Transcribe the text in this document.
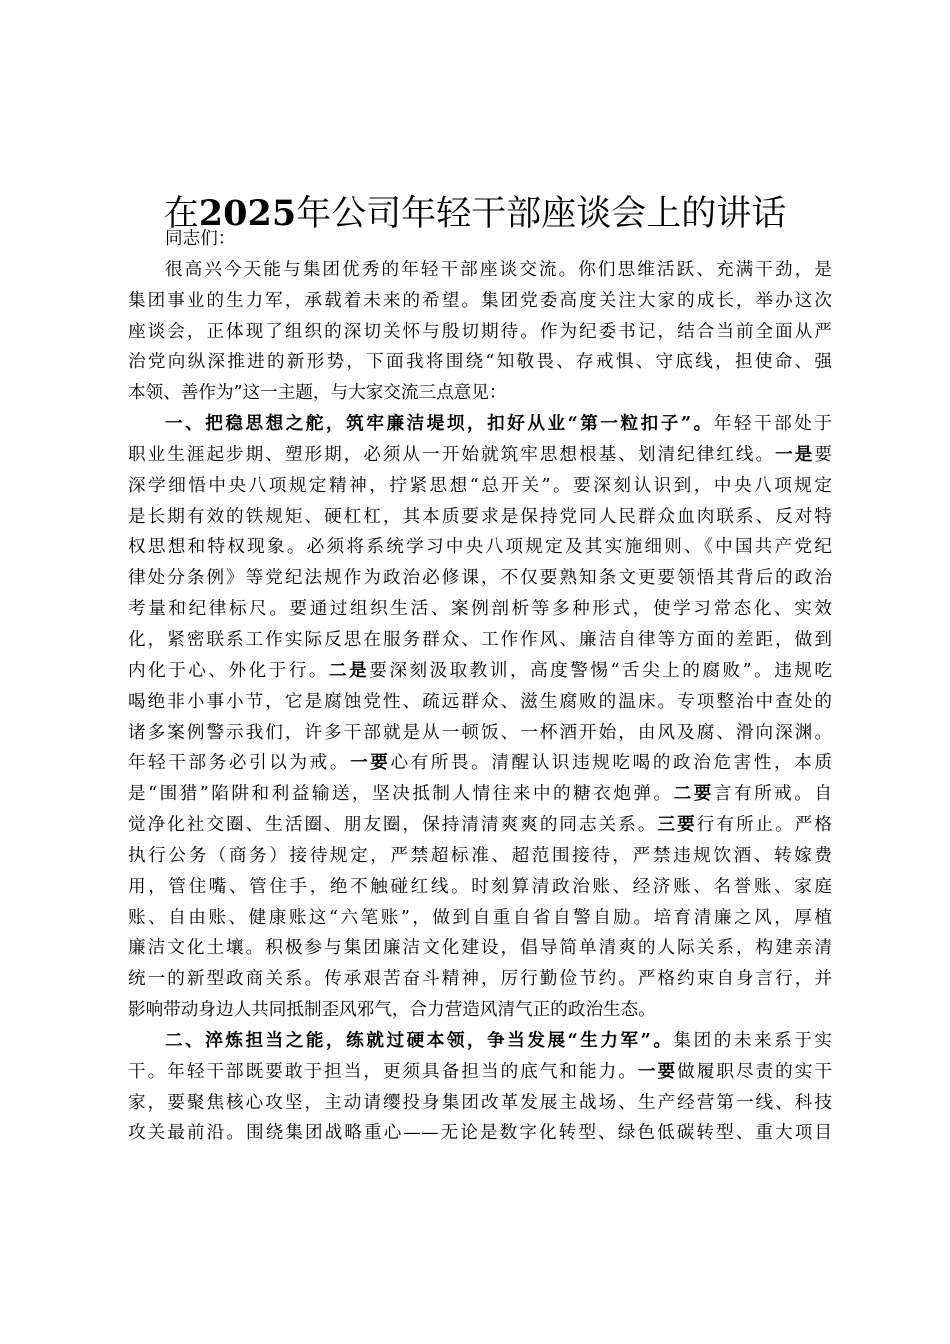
在2025年公司年轻干部座谈会上的讲话
同志们：
很高兴今天能与集团优秀的年轻干部座谈交流。你们思维活跃、充满干劲，是
集团事业的生力军，承载着未来的希望。集团党委高度关注大家的成长，举办这次
座谈会，正体现了组织的深切关怀与殷切期待。作为纪委书记，结合当前全面从严
治党向纵深推进的新形势，下面我将围绕“知敬畏、存戒惧、守底线，担使命、强
本领、善作为”这一主题，与大家交流三点意见：
一、把稳思想之舵，筑牢廉洁堤坝，扣好从业“第一粒扣子”。年轻干部处于
职业生涯起步期、塑形期，必须从一开始就筑牢思想根基、划清纪律红线。一是要
深学细悟中央八项规定精神，拧紧思想“总开关”。要深刻认识到，中央八项规定
是长期有效的铁规矩、硬杠杠，其本质要求是保持党同人民群众血肉联系、反对特
权思想和特权现象。必须将系统学习中央八项规定及其实施细则、《中国共产党纪
律处分条例》等党纪法规作为政治必修课，不仅要熟知条文更要领悟其背后的政治
考量和纪律标尺。要通过组织生活、案例剖析等多种形式，使学习常态化、实效
化，紧密联系工作实际反思在服务群众、工作作风、廉洁自律等方面的差距，做到
内化于心、外化于行。二是要深刻汲取教训，高度警惕“舌尖上的腐败”。违规吃
喝绝非小事小节，它是腐蚀党性、疏远群众、滋生腐败的温床。专项整治中查处的
诸多案例警示我们，许多干部就是从一顿饭、一杯酒开始，由风及腐、滑向深渊。
年轻干部务必引以为戒。一要心有所畏。清醒认识违规吃喝的政治危害性，本质
是“围猎”陷阱和利益输送，坚决抵制人情往来中的糖衣炮弹。二要言有所戒。自
觉净化社交圈、生活圈、朋友圈，保持清清爽爽的同志关系。三要行有所止。严格
执行公务（商务）接待规定，严禁超标准、超范围接待，严禁违规饮酒、转嫁费
用，管住嘴、管住手，绝不触碰红线。时刻算清政治账、经济账、名誉账、家庭
账、自由账、健康账这“六笔账”，做到自重自省自警自励。培育清廉之风，厚植
廉洁文化土壤。积极参与集团廉洁文化建设，倡导简单清爽的人际关系，构建亲清
统一的新型政商关系。传承艰苦奋斗精神，厉行勤俭节约。严格约束自身言行，并
影响带动身边人共同抵制歪风邪气，合力营造风清气正的政治生态。
二、淬炼担当之能，练就过硬本领，争当发展“生力军”。集团的未来系于实
干。年轻干部既要敢于担当，更须具备担当的底气和能力。一要做履职尽责的实干
家，要聚焦核心攻坚，主动请缨投身集团改革发展主战场、生产经营第一线、科技
攻关最前沿。围绕集团战略重心——无论是数字化转型、绿色低碳转型、重大项目
